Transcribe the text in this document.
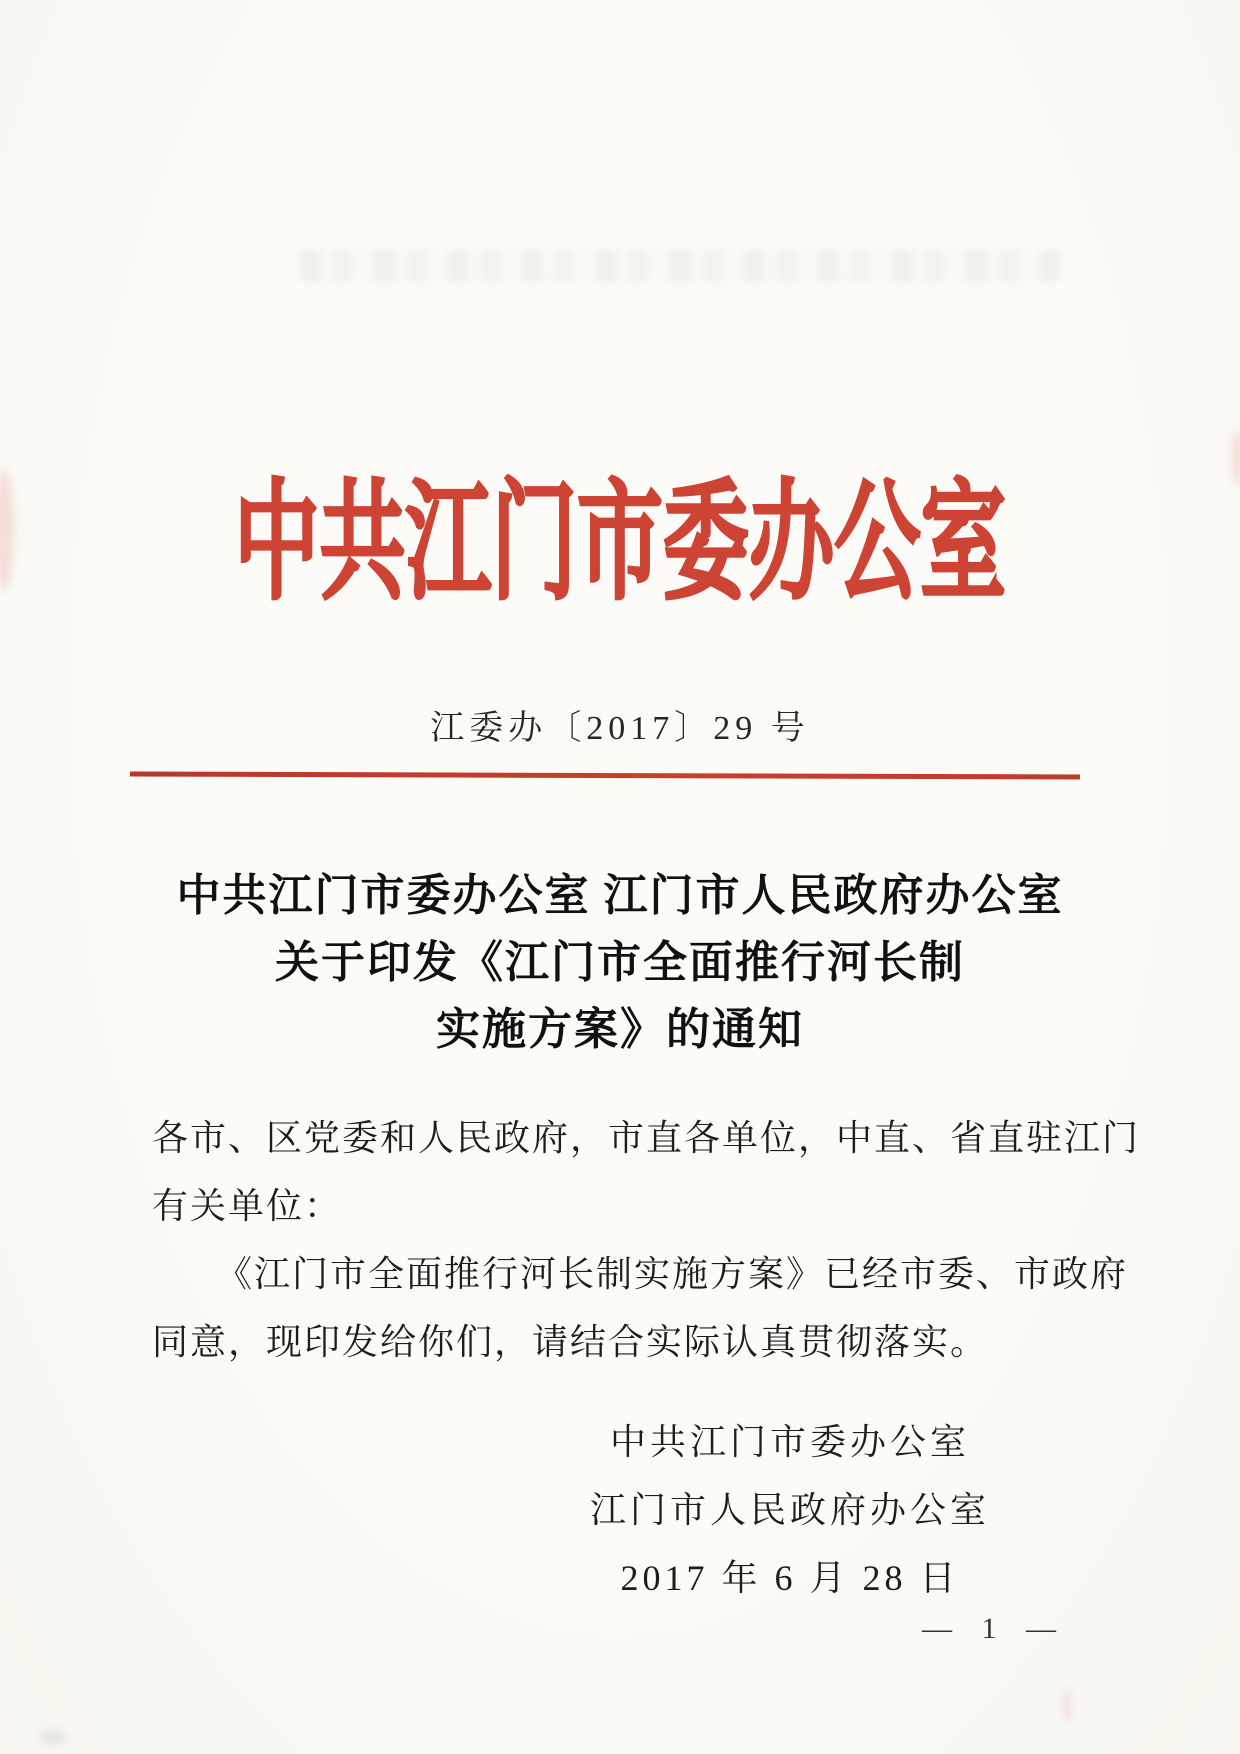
中共江门市委办公室
江委办〔2017〕29 号
中共江门市委办公室 江门市人民政府办公室
关于印发《江门市全面推行河长制
实施方案》的通知
各市、区党委和人民政府，市直各单位，中直、省直驻江门
有关单位：
《江门市全面推行河长制实施方案》已经市委、市政府
同意，现印发给你们，请结合实际认真贯彻落实。
中共江门市委办公室
江门市人民政府办公室
2017 年 6 月 28 日
— 1 —
